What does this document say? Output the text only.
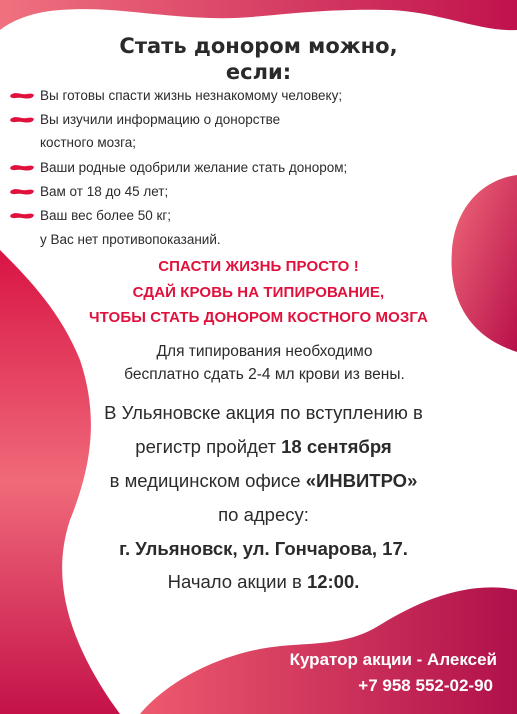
Стать донором можно,
если:
Вы готовы спасти жизнь незнакомому человеку;
Вы изучили информацию о донорстве
костного мозга;
Ваши родные одобрили желание стать донором;
Вам от 18 до 45 лет;
Ваш вес более 50 кг;
у Вас нет противопоказаний.
СПАСТИ ЖИЗНЬ ПРОСТО !
СДАЙ КРОВЬ НА ТИПИРОВАНИЕ,
ЧТОБЫ СТАТЬ ДОНОРОМ КОСТНОГО МОЗГА
Для типирования необходимо
бесплатно сдать 2-4 мл крови из вены.
В Ульяновске акция по вступлению в
регистр пройдет 18 сентября
в медицинском офисе «ИНВИТРО»
по адресу:
г. Ульяновск, ул. Гончарова, 17.
Начало акции в 12:00.
Куратор акции - Алексей
+7 958 552-02-90
